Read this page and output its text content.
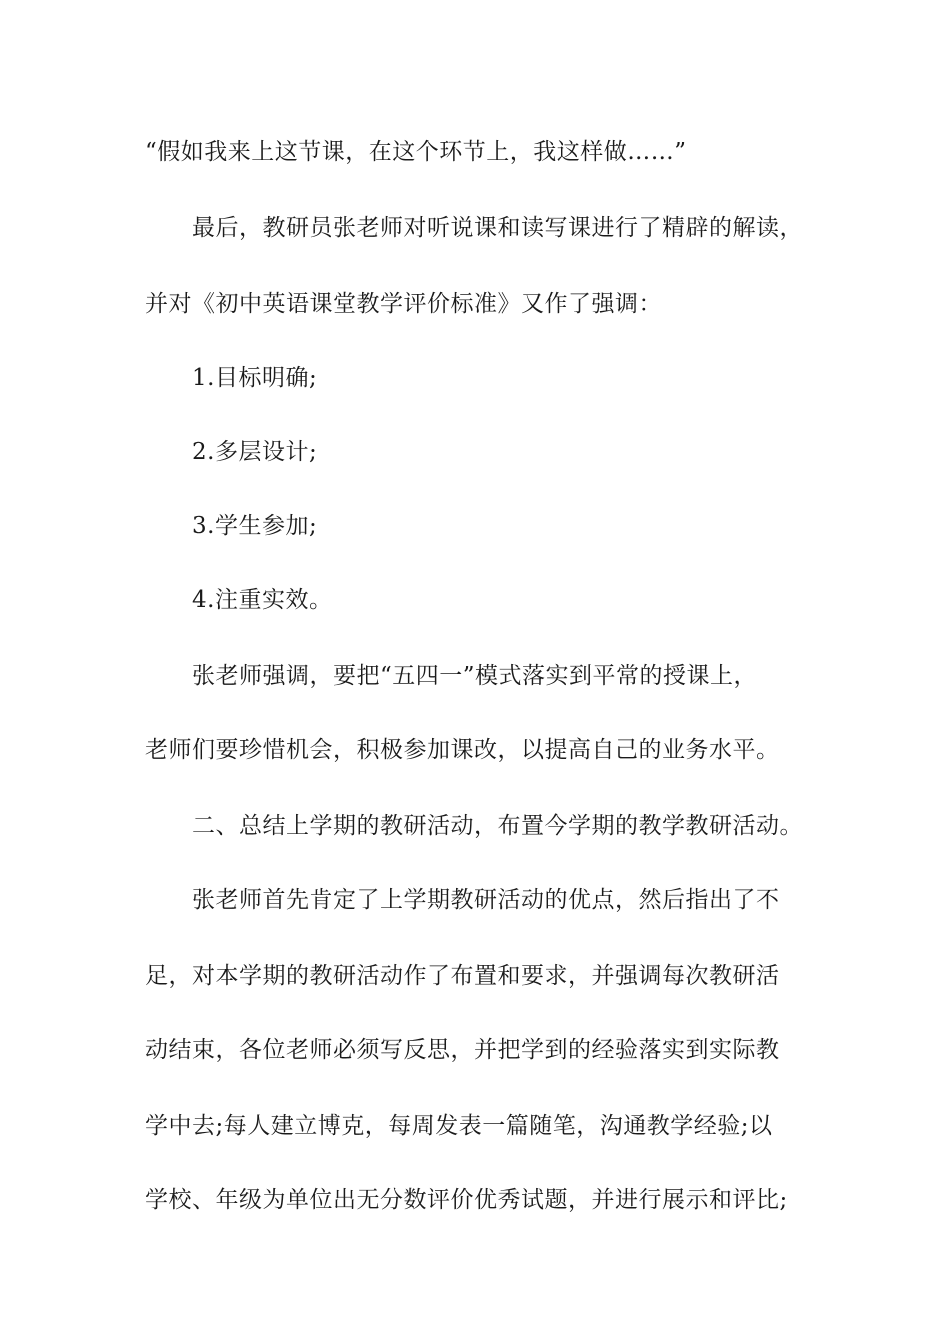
“假如我来上这节课，在这个环节上，我这样做……”
最后，教研员张老师对听说课和读写课进行了精辟的解读，
并对《初中英语课堂教学评价标准》又作了强调：
1.目标明确;
2.多层设计;
3.学生参加;
4.注重实效。
张老师强调，要把“五四一”模式落实到平常的授课上，
老师们要珍惜机会，积极参加课改，以提高自己的业务水平。
二、总结上学期的教研活动，布置今学期的教学教研活动。
张老师首先肯定了上学期教研活动的优点，然后指出了不
足，对本学期的教研活动作了布置和要求，并强调每次教研活
动结束，各位老师必须写反思，并把学到的经验落实到实际教
学中去;每人建立博克，每周发表一篇随笔，沟通教学经验;以
学校、年级为单位出无分数评价优秀试题，并进行展示和评比;
